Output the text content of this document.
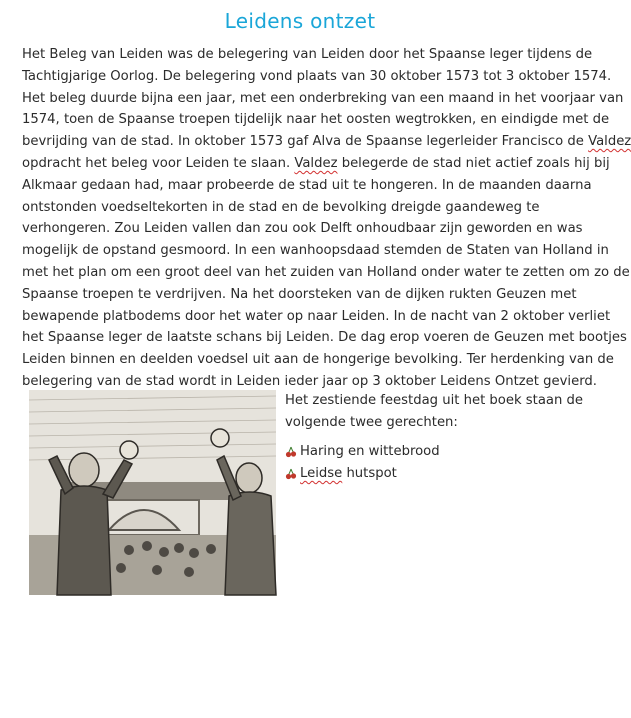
Leidens ontzet
Het Beleg van Leiden was de belegering van Leiden door het Spaanse leger tijdens de
Tachtigjarige Oorlog. De belegering vond plaats van 30 oktober 1573 tot 3 oktober 1574.
Het beleg duurde bijna een jaar, met een onderbreking van een maand in het voorjaar van
1574, toen de Spaanse troepen tijdelijk naar het oosten wegtrokken, en eindigde met de
bevrijding van de stad. In oktober 1573 gaf Alva de Spaanse legerleider Francisco de Valdez
opdracht het beleg voor Leiden te slaan. Valdez belegerde de stad niet actief zoals hij bij
Alkmaar gedaan had, maar probeerde de stad uit te hongeren. In de maanden daarna
ontstonden voedseltekorten in de stad en de bevolking dreigde gaandeweg te
verhongeren. Zou Leiden vallen dan zou ook Delft onhoudbaar zijn geworden en was
mogelijk de opstand gesmoord. In een wanhoopsdaad stemden de Staten van Holland in
met het plan om een groot deel van het zuiden van Holland onder water te zetten om zo de
Spaanse troepen te verdrijven. Na het doorsteken van de dijken rukten Geuzen met
bewapende platbodems door het water op naar Leiden. In de nacht van 2 oktober verliet
het Spaanse leger de laatste schans bij Leiden. De dag erop voeren de Geuzen met bootjes
Leiden binnen en deelden voedsel uit aan de hongerige bevolking. Ter herdenking van de
belegering van de stad wordt in Leiden ieder jaar op 3 oktober Leidens Ontzet gevierd.
Het zestiende feestdag uit het boek staan de
volgende twee gerechten:
Haring en wittebrood
Leidse hutspot
